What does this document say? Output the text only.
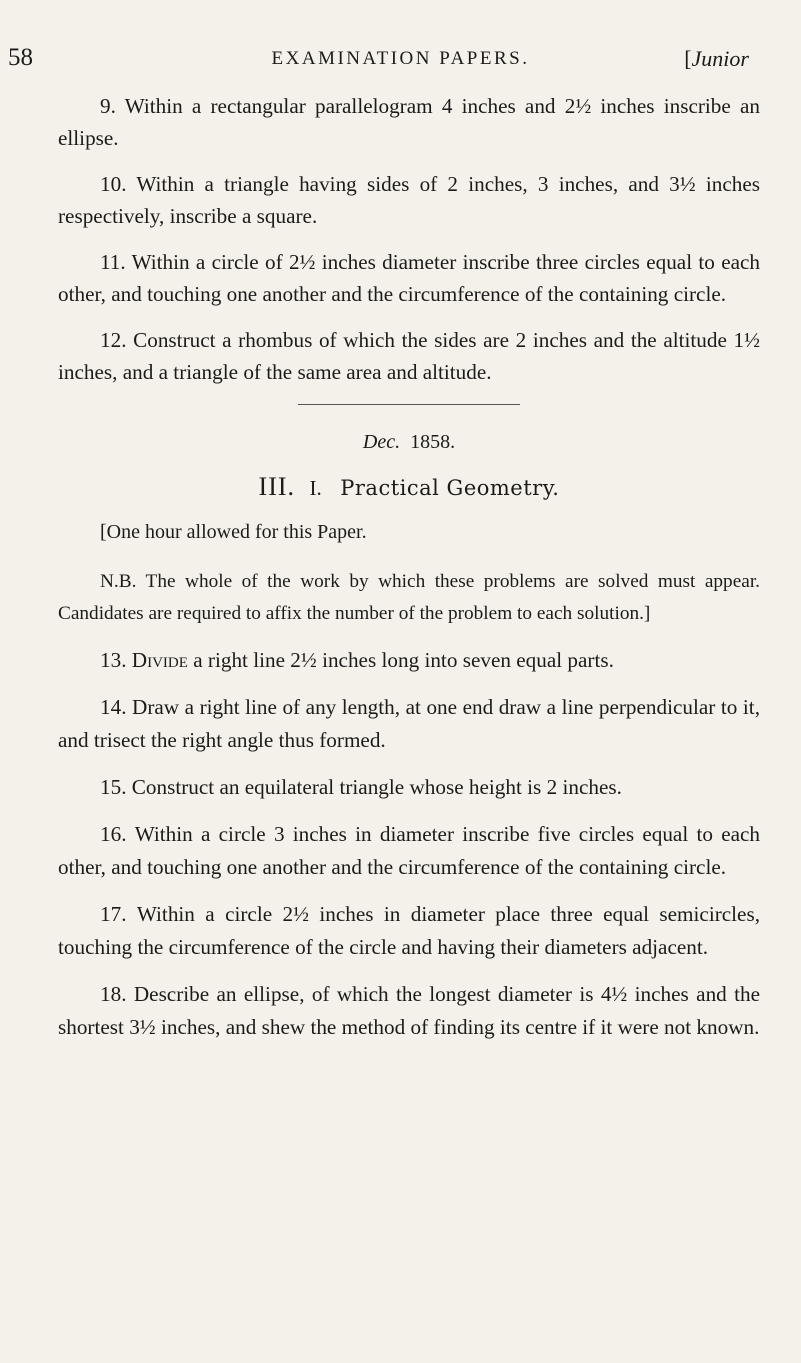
58	EXAMINATION PAPERS.	[Junior

9. Within a rectangular parallelogram 4 inches and 2½ inches inscribe an ellipse.

10. Within a triangle having sides of 2 inches, 3 inches, and 3½ inches respectively, inscribe a square.

11. Within a circle of 2½ inches diameter inscribe three circles equal to each other, and touching one another and the circumference of the containing circle.

12. Construct a rhombus of which the sides are 2 inches and the altitude 1½ inches, and a triangle of the same area and altitude.

Dec. 1858.
III. I. Practical Geometry.

[One hour allowed for this Paper.

N.B. The whole of the work by which these problems are solved must appear. Candidates are required to affix the number of the problem to each solution.]

13. Divide a right line 2½ inches long into seven equal parts.

14. Draw a right line of any length, at one end draw a line perpendicular to it, and trisect the right angle thus formed.

15. Construct an equilateral triangle whose height is 2 inches.

16. Within a circle 3 inches in diameter inscribe five circles equal to each other, and touching one another and the circumference of the containing circle.

17. Within a circle 2½ inches in diameter place three equal semicircles, touching the circumference of the circle and having their diameters adjacent.

18. Describe an ellipse, of which the longest diameter is 4½ inches and the shortest 3½ inches, and shew the method of finding its centre if it were not known.
